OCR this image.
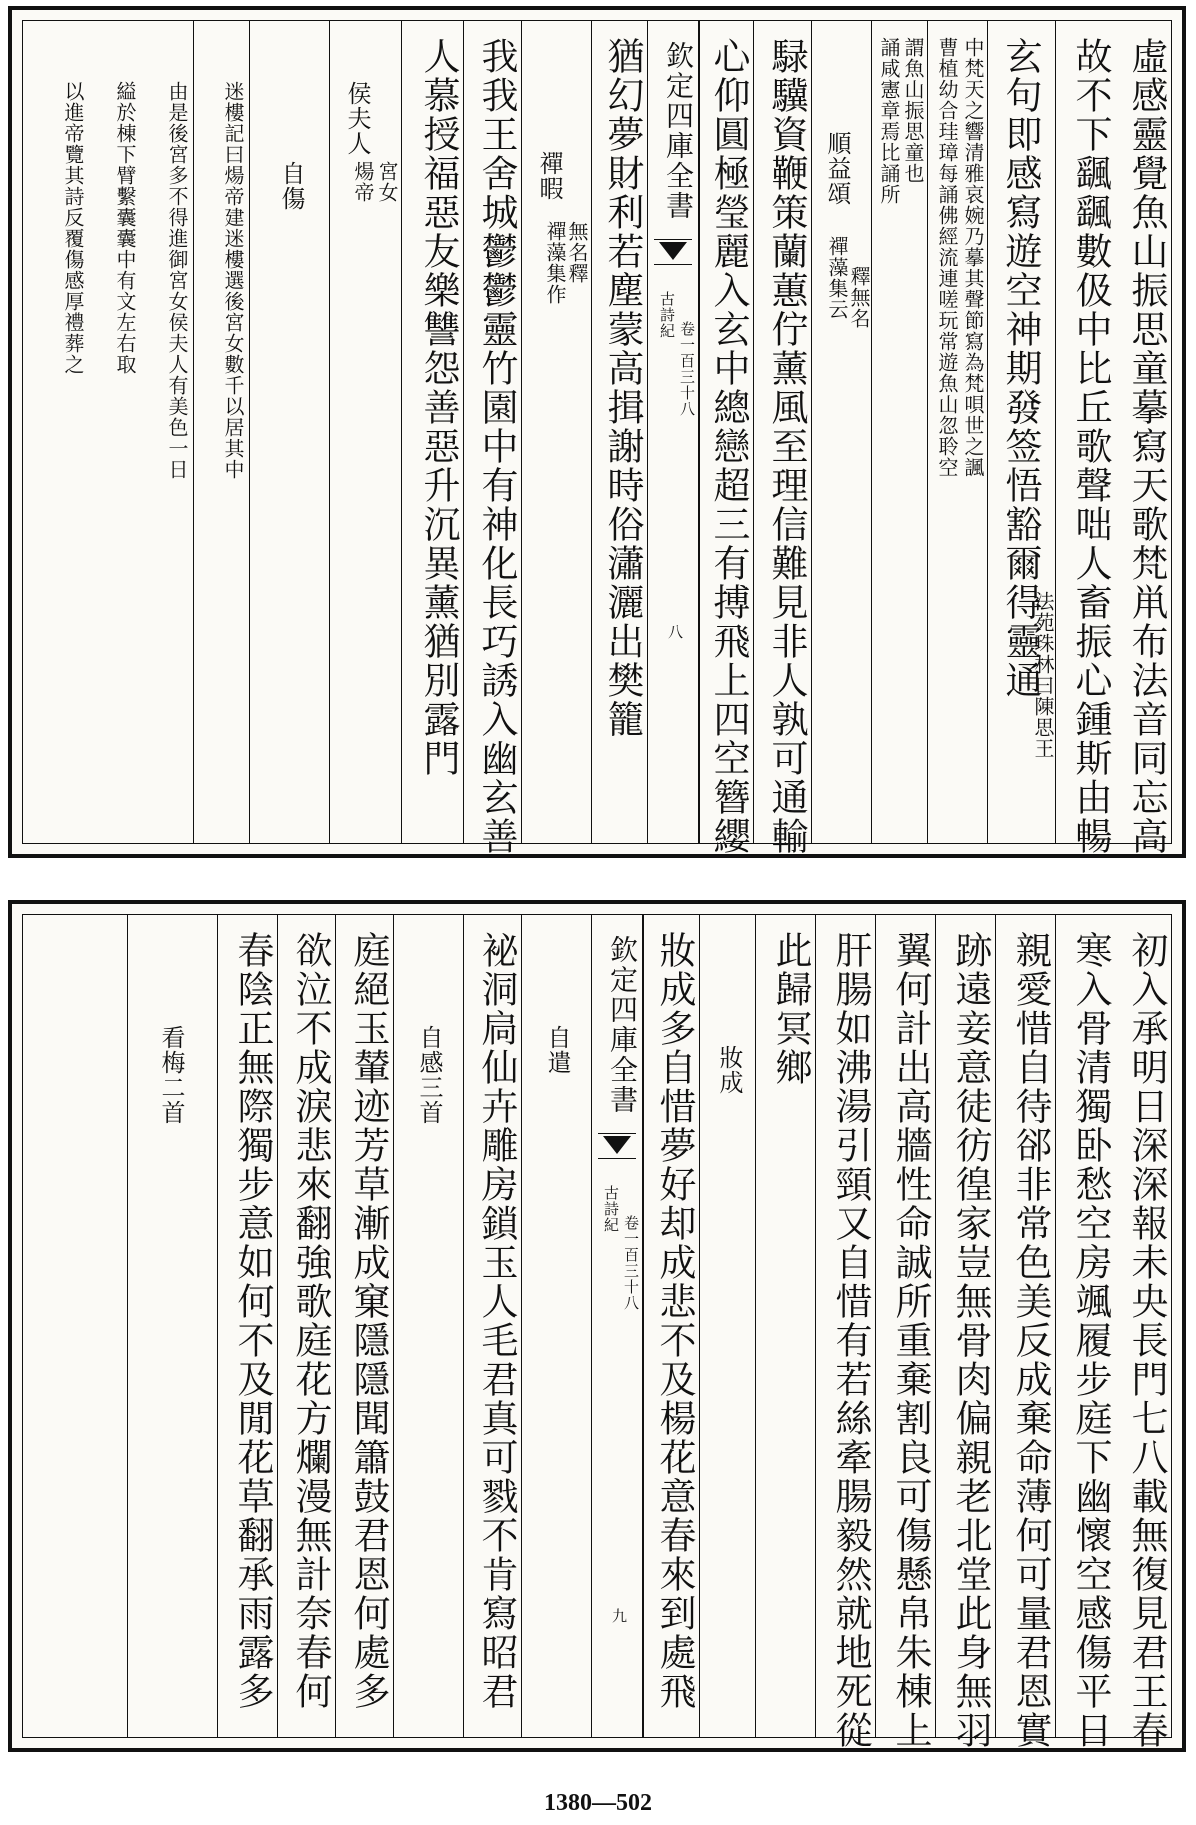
虛感靈覺魚山振思童摹寫天歌梵鼡布法音同忘高
故不下颻颻數伋中比丘歌聲咄人畜振心鍾斯由暢
玄句即感寫遊空神期發签悟豁爾得靈通
法苑珠林曰陳思王
曹植幼合珪璋每誦佛經流連嗟玩常遊魚山忽聆空 中梵天之響清雅哀婉乃摹其聲節寫為梵唄世之諷
誦咸憲章焉比誦所 謂魚山振思童也
順益頌
禪藻集云
釋無名
騄驥資鞭策蘭蕙佇薰風至理信難見非人孰可通輸
心仰圓極瑩麗入玄中總戀超三有搏飛上四空簪纓
欽定四庫全書
古詩紀
卷一百三十八
八
猶幻夢財利若塵蒙高揖謝時俗瀟灑出樊籠
禪暇
禪藻集作
無名釋
我我王舍城鬱鬱靈竹園中有神化長巧誘入幽玄善
人慕授福惡友樂讐怨善惡升沉異薰猶別露門
侯夫人
煬帝 宮女
自傷
迷樓記曰煬帝建迷樓選後宮女數千以居其中
由是後宮多不得進御宮女侯夫人有美色一日
縊於棟下臂繫囊囊中有文左右取
以進帝覽其詩反覆傷感厚禮葬之
初入承明日深深報未央長門七八載無復見君王春
寒入骨清獨卧愁空房颯履步庭下幽懷空感傷平日
親愛惜自待郤非常色美反成棄命薄何可量君恩實
跡遠妾意徒彷徨家豈無骨肉偏親老北堂此身無羽
翼何計出高牆性命誠所重棄割良可傷懸帛朱棟上
肝腸如沸湯引頸又自惜有若絲牽腸毅然就地死從
此歸冥鄉
妝成
妝成多自惜夢好却成悲不及楊花意春來到處飛
欽定四庫全書
古詩紀
卷一百三十八
九
自遣
袐洞扃仙卉雕房鎖玉人毛君真可戮不肯寫昭君
自感三首
庭絕玉輦迹芳草漸成窠隱隱聞簫鼓君恩何處多
欲泣不成淚悲來翻強歌庭花方爛漫無計奈春何
春陰正無際獨步意如何不及閒花草翻承雨露多
看梅二首
1380—502
